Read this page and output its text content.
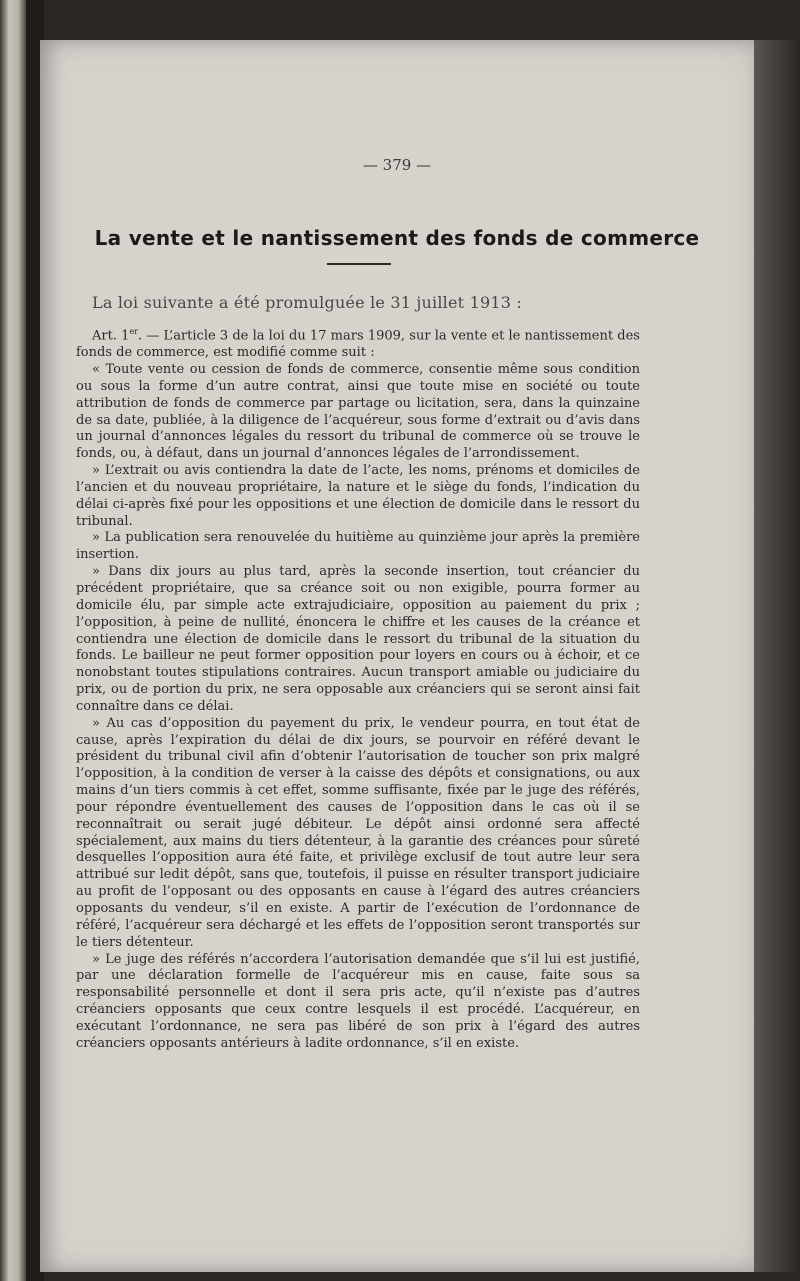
— 379 —
La vente et le nantissement des fonds de commerce
La loi suivante a été promulguée le 31 juillet 1913 :

Art. 1er. — L’article 3 de la loi du 17 mars 1909, sur la vente et le nantissement des fonds de commerce, est modifié comme suit :

« Toute vente ou cession de fonds de commerce, consentie même sous condition ou sous la forme d’un autre contrat, ainsi que toute mise en société ou toute attribution de fonds de commerce par partage ou licitation, sera, dans la quinzaine de sa date, publiée, à la diligence de l’acquéreur, sous forme d’extrait ou d’avis dans un journal d’annonces légales du ressort du tribunal de commerce où se trouve le fonds, ou, à défaut, dans un journal d’annonces légales de l’arrondissement.

» L’extrait ou avis contiendra la date de l’acte, les noms, prénoms et domiciles de l’ancien et du nouveau propriétaire, la nature et le siège du fonds, l’indication du délai ci-après fixé pour les oppositions et une élection de domicile dans le ressort du tribunal.

» La publication sera renouvelée du huitième au quinzième jour après la première insertion.

» Dans dix jours au plus tard, après la seconde insertion, tout créancier du précédent propriétaire, que sa créance soit ou non exigible, pourra former au domicile élu, par simple acte extrajudiciaire, opposition au paiement du prix ; l’opposition, à peine de nullité, énoncera le chiffre et les causes de la créance et contiendra une élection de domicile dans le ressort du tribunal de la situation du fonds. Le bailleur ne peut former opposition pour loyers en cours ou à échoir, et ce nonobstant toutes stipulations contraires. Aucun transport amiable ou judiciaire du prix, ou de portion du prix, ne sera opposable aux créanciers qui se seront ainsi fait connaître dans ce délai.

» Au cas d’opposition du payement du prix, le vendeur pourra, en tout état de cause, après l’expiration du délai de dix jours, se pourvoir en référé devant le président du tribunal civil afin d’obtenir l’autorisation de toucher son prix malgré l’opposition, à la condition de verser à la caisse des dépôts et consignations, ou aux mains d’un tiers commis à cet effet, somme suffisante, fixée par le juge des référés, pour répondre éventuellement des causes de l’opposition dans le cas où il se reconnaîtrait ou serait jugé débiteur. Le dépôt ainsi ordonné sera affecté spécialement, aux mains du tiers détenteur, à la garantie des créances pour sûreté desquelles l’opposition aura été faite, et privilège exclusif de tout autre leur sera attribué sur ledit dépôt, sans que, toutefois, il puisse en résulter transport judiciaire au profit de l’opposant ou des opposants en cause à l’égard des autres créanciers opposants du vendeur, s’il en existe. A partir de l’exécution de l’ordonnance de référé, l’acquéreur sera déchargé et les effets de l’opposition seront transportés sur le tiers détenteur.

» Le juge des référés n’accordera l’autorisation demandée que s’il lui est justifié, par une déclaration formelle de l’acquéreur mis en cause, faite sous sa responsabilité personnelle et dont il sera pris acte, qu’il n’existe pas d’autres créanciers opposants que ceux contre lesquels il est procédé. L’acquéreur, en exécutant l’ordonnance, ne sera pas libéré de son prix à l’égard des autres créanciers opposants antérieurs à ladite ordonnance, s’il en existe.
